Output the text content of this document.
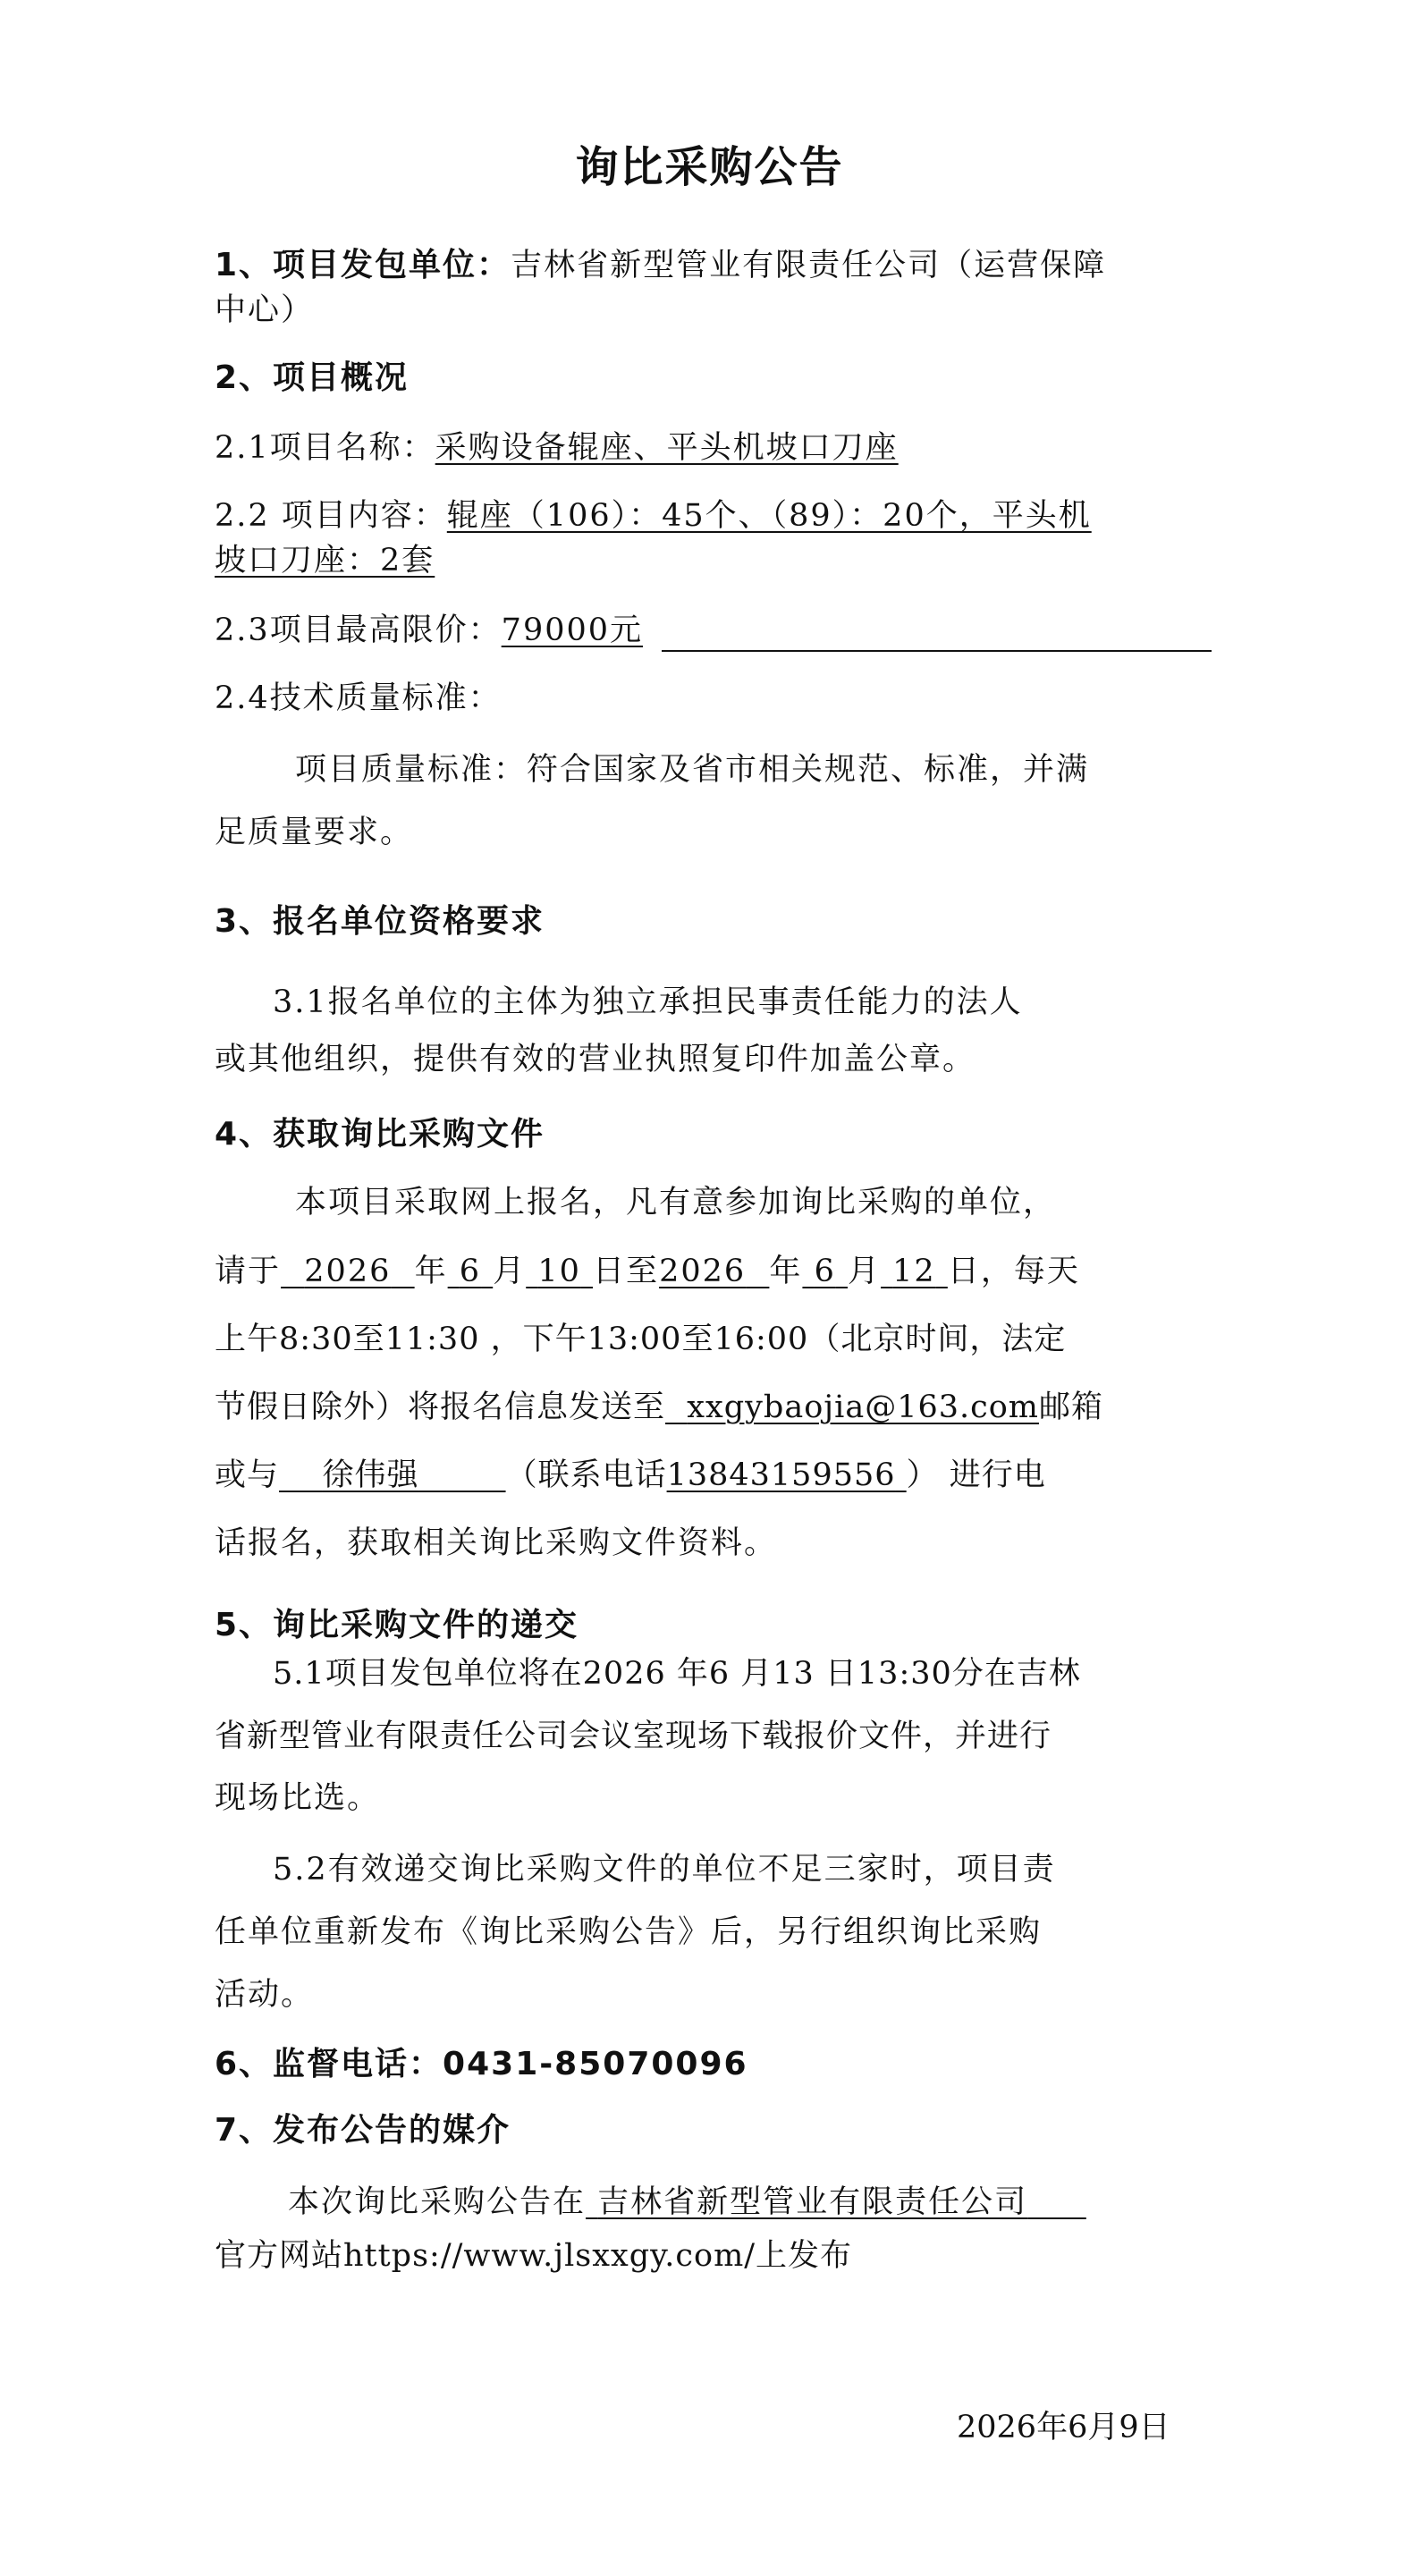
询比采购公告
1、项目发包单位：吉林省新型管业有限责任公司（运营保障
中心）
2、项目概况
2.1项目名称：采购设备辊座、平头机坡口刀座
2.2 项目内容：辊座（106）：45个、（89）：20个，平头机
坡口刀座：2套
2.3项目最高限价：79000元
2.4技术质量标准：
项目质量标准：符合国家及省市相关规范、标准，并满
足质量要求。
3、报名单位资格要求
3.1报名单位的主体为独立承担民事责任能力的法人
或其他组织，提供有效的营业执照复印件加盖公章。
4、获取询比采购文件
本项目采取网上报名，凡有意参加询比采购的单位，
请于 2026 年 6 月 10 日至2026 年 6 月 12 日，每天
上午8:30至11:30 ，下午13:00至16:00（北京时间，法定
节假日除外）将报名信息发送至 xxgybaojia@163.com邮箱
或与 徐伟强	（联系电话13843159556 ） 进行电
话报名，获取相关询比采购文件资料。
5、询比采购文件的递交
5.1项目发包单位将在2026 年6 月13 日13:30分在吉林
省新型管业有限责任公司会议室现场下载报价文件，并进行
现场比选。
5.2有效递交询比采购文件的单位不足三家时，项目责
任单位重新发布《询比采购公告》后，另行组织询比采购
活动。
6、监督电话：0431-85070096
7、发布公告的媒介
本次询比采购公告在 吉林省新型管业有限责任公司
官方网站https://www.jlsxxgy.com/上发布
2026年6月9日
